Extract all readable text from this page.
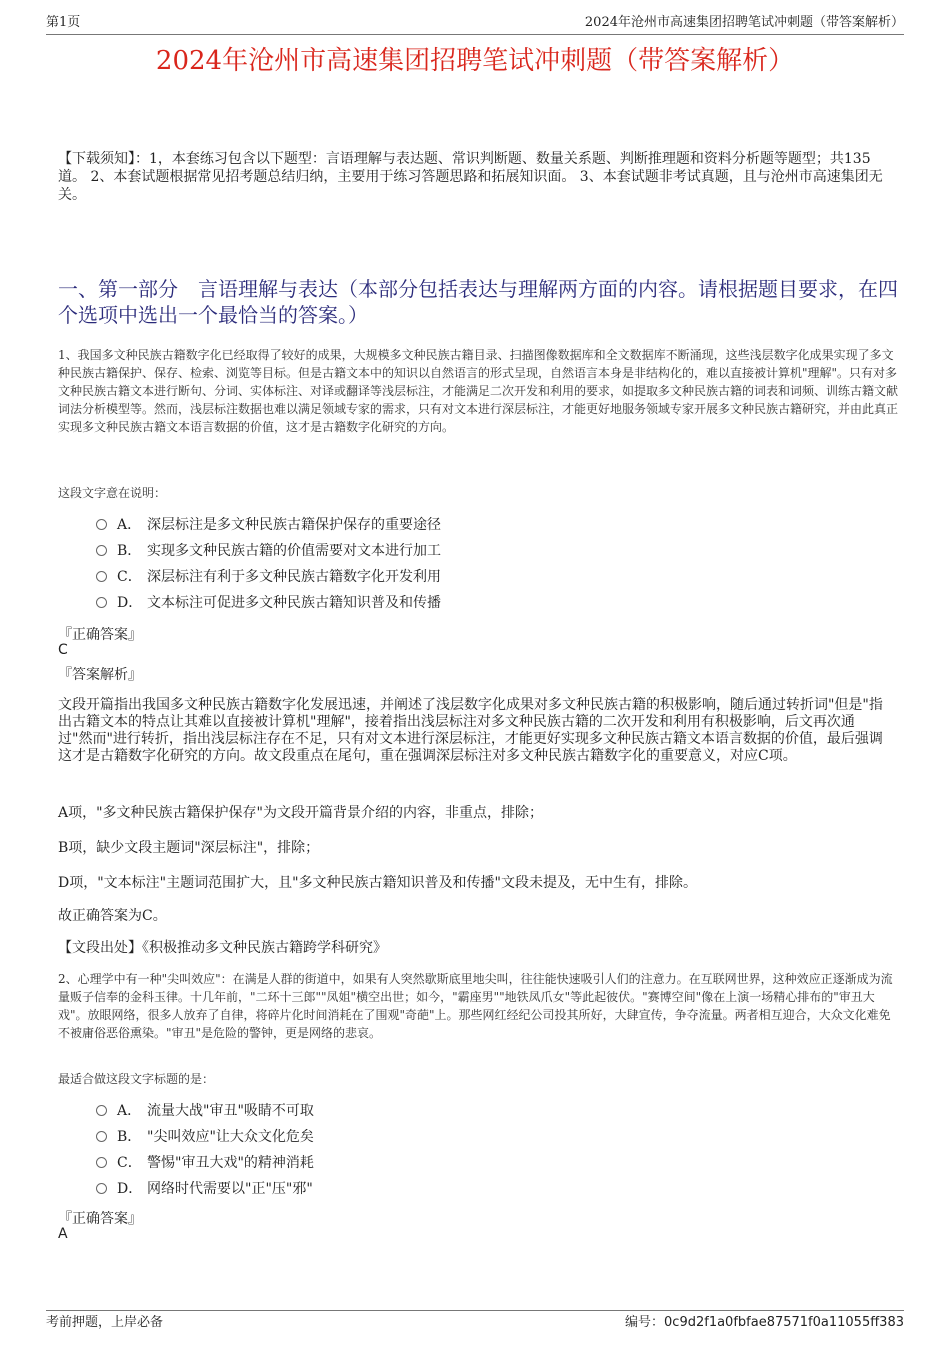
第1页	2024年沧州市高速集团招聘笔试冲刺题（带答案解析）
2024年沧州市高速集团招聘笔试冲刺题（带答案解析）
【下载须知】：1，本套练习包含以下题型：言语理解与表达题、常识判断题、数量关系题、判断推理题和资料分析题等题型；共135道。 2、本套试题根据常见招考题总结归纳，主要用于练习答题思路和拓展知识面。 3、本套试题非考试真题，且与沧州市高速集团无关。
一、第一部分　言语理解与表达（本部分包括表达与理解两方面的内容。请根据题目要求，在四个选项中选出一个最恰当的答案。）
1、我国多文种民族古籍数字化已经取得了较好的成果，大规模多文种民族古籍目录、扫描图像数据库和全文数据库不断涌现，这些浅层数字化成果实现了多文种民族古籍保护、保存、检索、浏览等目标。但是古籍文本中的知识以自然语言的形式呈现，自然语言本身是非结构化的，难以直接被计算机"理解"。只有对多文种民族古籍文本进行断句、分词、实体标注、对译或翻译等浅层标注，才能满足二次开发和利用的要求，如提取多文种民族古籍的词表和词频、训练古籍文献词法分析模型等。然而，浅层标注数据也难以满足领域专家的需求，只有对文本进行深层标注，才能更好地服务领域专家开展多文种民族古籍研究，并由此真正实现多文种民族古籍文本语言数据的价值，这才是古籍数字化研究的方向。
这段文字意在说明：
A． 深层标注是多文种民族古籍保护保存的重要途径
B． 实现多文种民族古籍的价值需要对文本进行加工
C． 深层标注有利于多文种民族古籍数字化开发利用
D． 文本标注可促进多文种民族古籍知识普及和传播
『正确答案』
C
『答案解析』
文段开篇指出我国多文种民族古籍数字化发展迅速，并阐述了浅层数字化成果对多文种民族古籍的积极影响，随后通过转折词"但是"指出古籍文本的特点让其难以直接被计算机"理解"，接着指出浅层标注对多文种民族古籍的二次开发和利用有积极影响，后文再次通过"然而"进行转折，指出浅层标注存在不足，只有对文本进行深层标注，才能更好实现多文种民族古籍文本语言数据的价值，最后强调这才是古籍数字化研究的方向。故文段重点在尾句，重在强调深层标注对多文种民族古籍数字化的重要意义，对应C项。
A项，"多文种民族古籍保护保存"为文段开篇背景介绍的内容，非重点，排除；
B项，缺少文段主题词"深层标注"，排除；
D项，"文本标注"主题词范围扩大，且"多文种民族古籍知识普及和传播"文段未提及，无中生有，排除。
故正确答案为C。
【文段出处】《积极推动多文种民族古籍跨学科研究》
2、心理学中有一种"尖叫效应"：在满是人群的街道中，如果有人突然歇斯底里地尖叫，往往能快速吸引人们的注意力。在互联网世界，这种效应正逐渐成为流量贩子信奉的金科玉律。十几年前，"二环十三郎""凤姐"横空出世；如今，"霸座男""地铁凤爪女"等此起彼伏。"赛博空间"像在上演一场精心排布的"审丑大戏"。放眼网络，很多人放弃了自律，将碎片化时间消耗在了围观"奇葩"上。那些网红经纪公司投其所好，大肆宣传，争夺流量。两者相互迎合，大众文化难免不被庸俗恶俗熏染。"审丑"是危险的警钟，更是网络的悲哀。
最适合做这段文字标题的是：
A． 流量大战"审丑"吸睛不可取
B． "尖叫效应"让大众文化危矣
C． 警惕"审丑大戏"的精神消耗
D． 网络时代需要以"正"压"邪"
『正确答案』
A
考前押题，上岸必备	编号：0c9d2f1a0fbfae87571f0a11055ff383
